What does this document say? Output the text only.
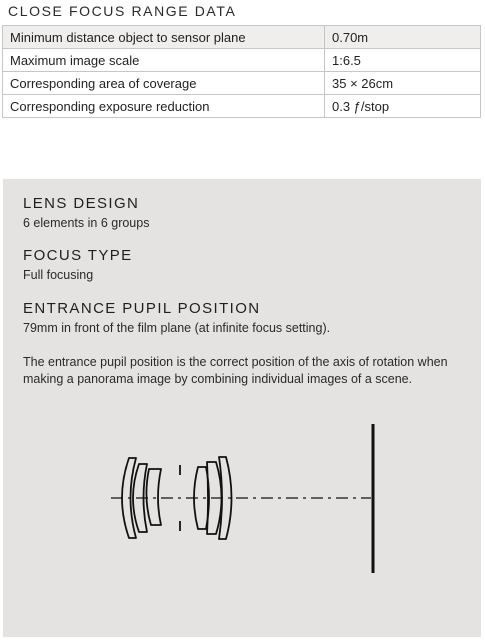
CLOSE FOCUS RANGE DATA
Minimum distance object to sensor plane	0.70m
Maximum image scale	1:6.5
Corresponding area of coverage	35 × 26cm
Corresponding exposure reduction	0.3 ƒ/stop
LENS DESIGN
6 elements in 6 groups
FOCUS TYPE
Full focusing
ENTRANCE PUPIL POSITION
79mm in front of the film plane (at infinite focus setting).
The entrance pupil position is the correct position of the axis of rotation when making a panorama image by combining individual images of a scene.
